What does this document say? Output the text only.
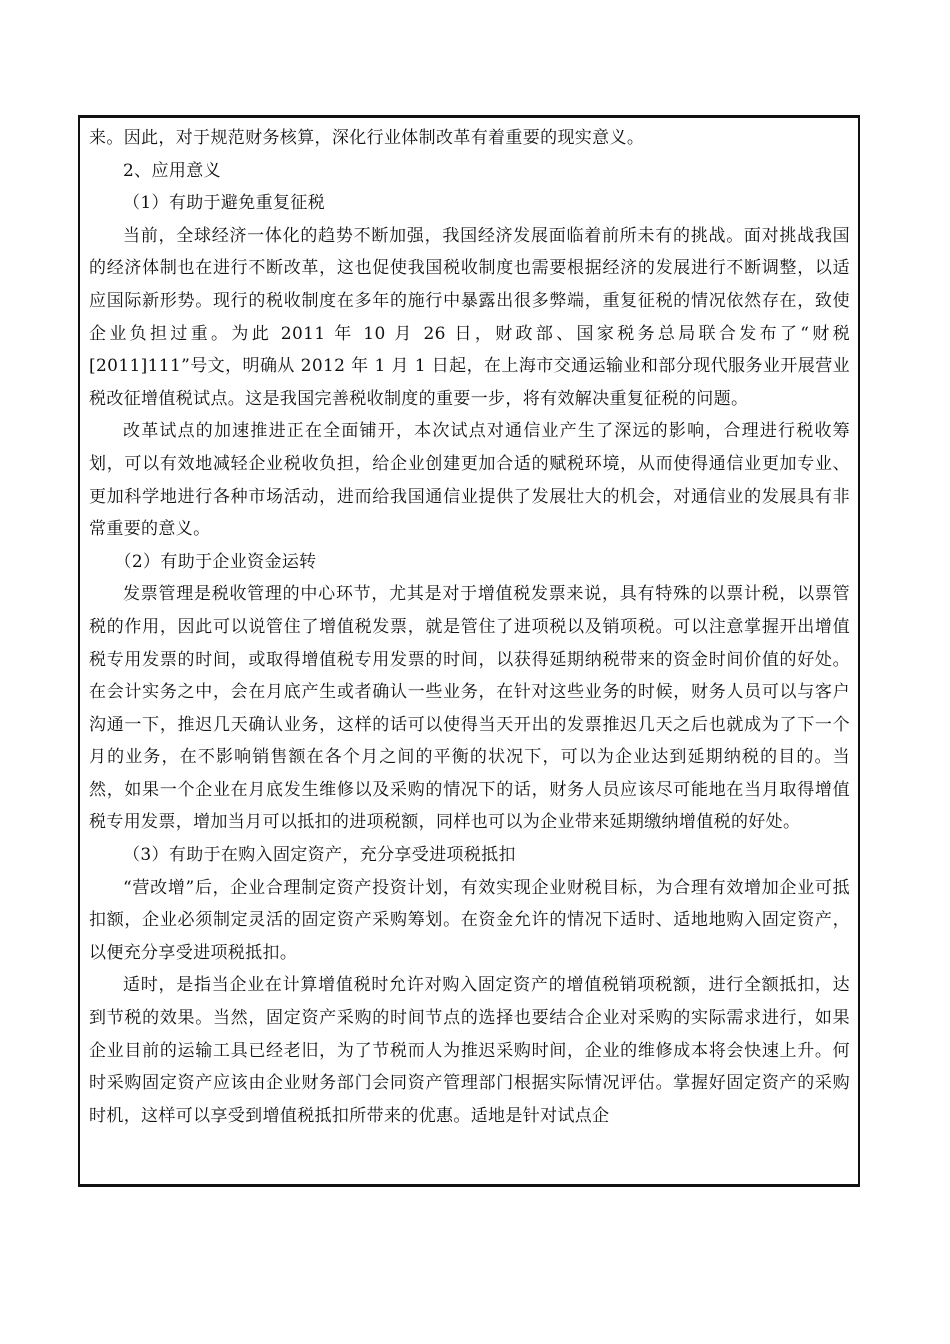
来。因此，对于规范财务核算，深化行业体制改革有着重要的现实意义。

2、应用意义

（1）有助于避免重复征税

当前，全球经济一体化的趋势不断加强，我国经济发展面临着前所未有的挑战。面对挑战我国的经济体制也在进行不断改革，这也促使我国税收制度也需要根据经济的发展进行不断调整，以适应国际新形势。现行的税收制度在多年的施行中暴露出很多弊端，重复征税的情况依然存在，致使企业负担过重。为此 2011 年 10 月 26 日，财政部、国家税务总局联合发布了“财税[2011]111”号文，明确从 2012 年 1 月 1 日起，在上海市交通运输业和部分现代服务业开展营业税改征增值税试点。这是我国完善税收制度的重要一步，将有效解决重复征税的问题。

改革试点的加速推进正在全面铺开，本次试点对通信业产生了深远的影响，合理进行税收筹划，可以有效地减轻企业税收负担，给企业创建更加合适的赋税环境，从而使得通信业更加专业、更加科学地进行各种市场活动，进而给我国通信业提供了发展壮大的机会，对通信业的发展具有非常重要的意义。

（2）有助于企业资金运转

发票管理是税收管理的中心环节，尤其是对于增值税发票来说，具有特殊的以票计税，以票管税的作用，因此可以说管住了增值税发票，就是管住了进项税以及销项税。可以注意掌握开出增值税专用发票的时间，或取得增值税专用发票的时间，以获得延期纳税带来的资金时间价值的好处。在会计实务之中，会在月底产生或者确认一些业务，在针对这些业务的时候，财务人员可以与客户沟通一下，推迟几天确认业务，这样的话可以使得当天开出的发票推迟几天之后也就成为了下一个月的业务，在不影响销售额在各个月之间的平衡的状况下，可以为企业达到延期纳税的目的。当然，如果一个企业在月底发生维修以及采购的情况下的话，财务人员应该尽可能地在当月取得增值税专用发票，增加当月可以抵扣的进项税额，同样也可以为企业带来延期缴纳增值税的好处。

（3）有助于在购入固定资产，充分享受进项税抵扣

“营改增”后，企业合理制定资产投资计划，有效实现企业财税目标，为合理有效增加企业可抵扣额，企业必须制定灵活的固定资产采购筹划。在资金允许的情况下适时、适地地购入固定资产，以便充分享受进项税抵扣。

适时，是指当企业在计算增值税时允许对购入固定资产的增值税销项税额，进行全额抵扣，达到节税的效果。当然，固定资产采购的时间节点的选择也要结合企业对采购的实际需求进行，如果企业目前的运输工具已经老旧，为了节税而人为推迟采购时间，企业的维修成本将会快速上升。何时采购固定资产应该由企业财务部门会同资产管理部门根据实际情况评估。掌握好固定资产的采购时机，这样可以享受到增值税抵扣所带来的优惠。适地是针对试点企
